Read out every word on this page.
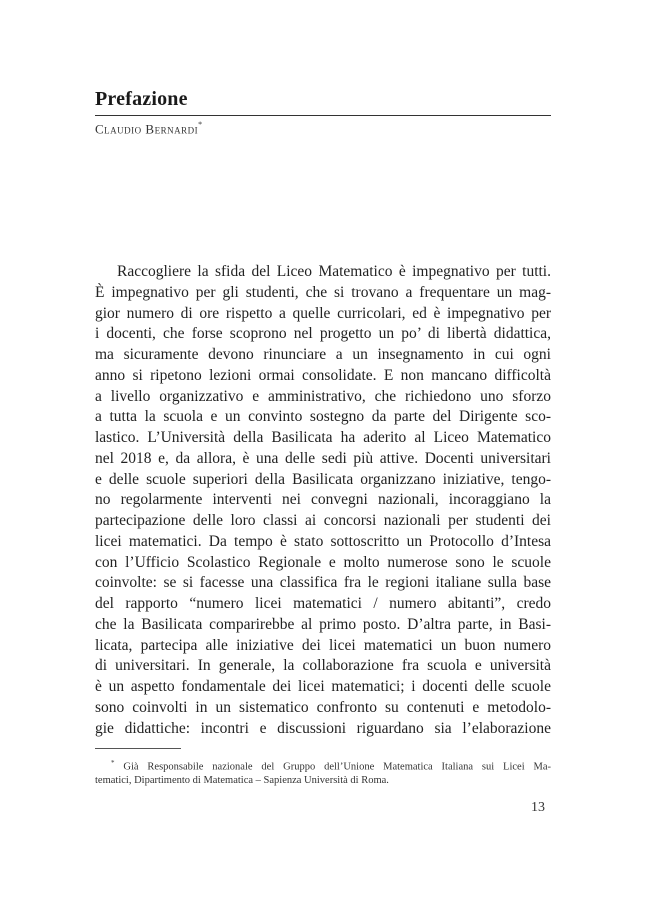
Prefazione
Claudio Bernardi*
Raccogliere la sfida del Liceo Matematico è impegnativo per tutti.
È impegnativo per gli studenti, che si trovano a frequentare un mag-
gior numero di ore rispetto a quelle curricolari, ed è impegnativo per
i docenti, che forse scoprono nel progetto un po’ di libertà didattica,
ma sicuramente devono rinunciare a un insegnamento in cui ogni
anno si ripetono lezioni ormai consolidate. E non mancano difficoltà
a livello organizzativo e amministrativo, che richiedono uno sforzo
a tutta la scuola e un convinto sostegno da parte del Dirigente sco-
lastico. L’Università della Basilicata ha aderito al Liceo Matematico
nel 2018 e, da allora, è una delle sedi più attive. Docenti universitari
e delle scuole superiori della Basilicata organizzano iniziative, tengo-
no regolarmente interventi nei convegni nazionali, incoraggiano la
partecipazione delle loro classi ai concorsi nazionali per studenti dei
licei matematici. Da tempo è stato sottoscritto un Protocollo d’Intesa
con l’Ufficio Scolastico Regionale e molto numerose sono le scuole
coinvolte: se si facesse una classifica fra le regioni italiane sulla base
del rapporto “numero licei matematici / numero abitanti”, credo
che la Basilicata comparirebbe al primo posto. D’altra parte, in Basi-
licata, partecipa alle iniziative dei licei matematici un buon numero
di universitari. In generale, la collaborazione fra scuola e università
è un aspetto fondamentale dei licei matematici; i docenti delle scuole
sono coinvolti in un sistematico confronto su contenuti e metodolo-
gie didattiche: incontri e discussioni riguardano sia l’elaborazione
* Già Responsabile nazionale del Gruppo dell’Unione Matematica Italiana sui Licei Ma-
tematici, Dipartimento di Matematica – Sapienza Università di Roma.
13
